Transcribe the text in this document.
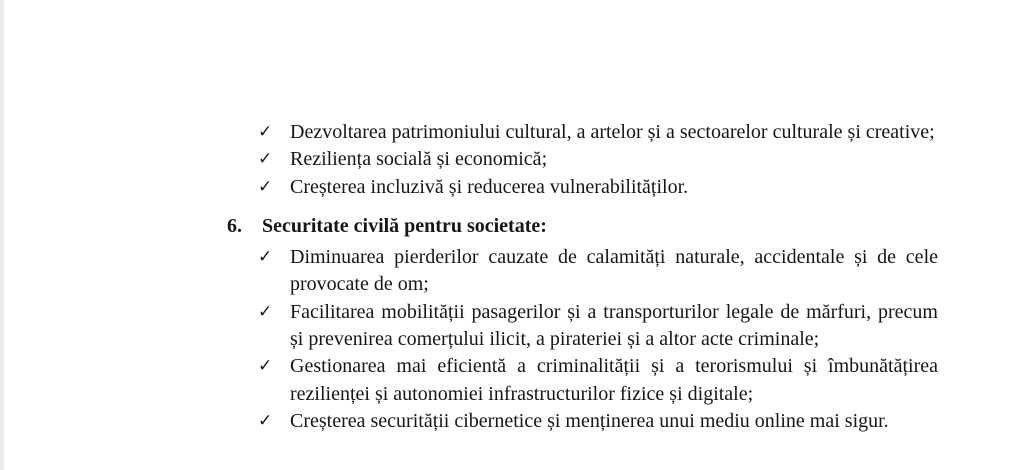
✓ Dezvoltarea patrimoniului cultural, a artelor și a sectoarelor culturale și creative;
✓ Reziliența socială și economică;
✓ Creșterea incluzivă și reducerea vulnerabilităților.
6.	Securitate civilă pentru societate:
✓ Diminuarea pierderilor cauzate de calamități naturale, accidentale și de cele provocate de om;
✓ Facilitarea mobilității pasagerilor și a transporturilor legale de mărfuri, precum și prevenirea comerțului ilicit, a pirateriei și a altor acte criminale;
✓ Gestionarea mai eficientă a criminalității și a terorismului și îmbunătățirea rezilienței și autonomiei infrastructurilor fizice și digitale;
✓ Creșterea securității cibernetice și menținerea unui mediu online mai sigur.
